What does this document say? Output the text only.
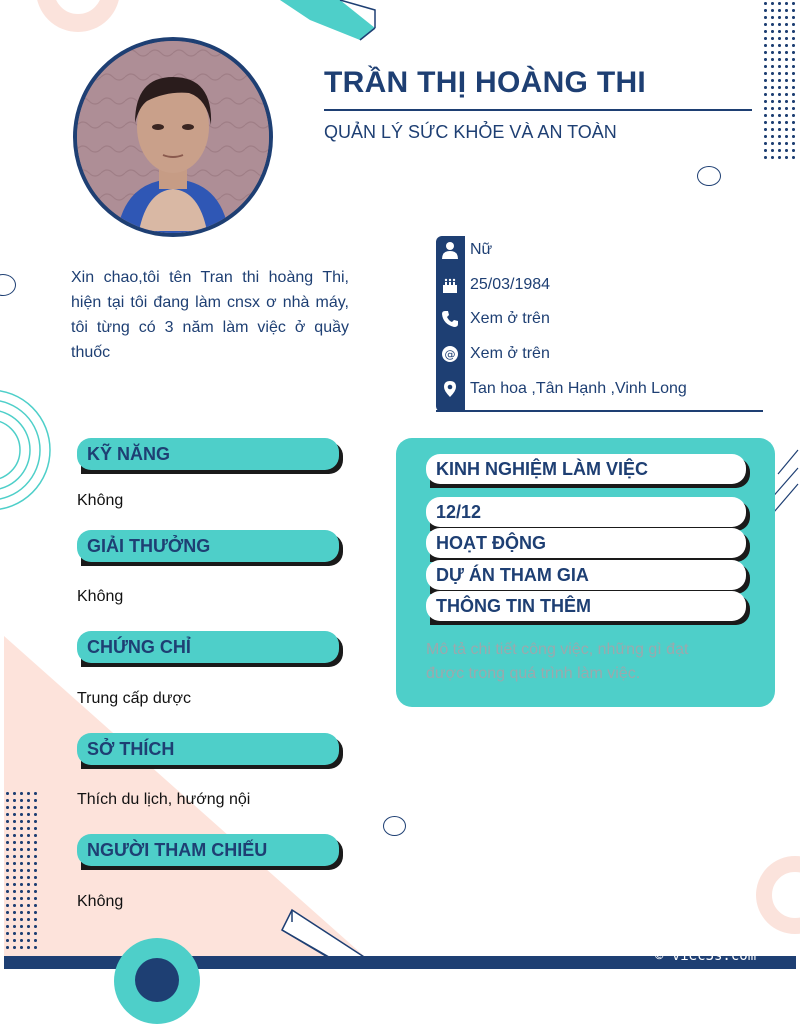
© viec3s.com
TRẦN THỊ HOÀNG THI
QUẢN LÝ SỨC KHỎE VÀ AN TOÀN
Xin chao,tôi tên Tran thi hoàng Thi, hiện tại tôi đang làm cnsx ơ nhà máy, tôi từng có 3 năm làm việc ở quầy thuốc
Nữ
25/03/1984
Xem ở trên
@ Xem ở trên
Tan hoa ,Tân Hạnh ,Vinh Long
KỸ NĂNG
Không
GIẢI THƯỞNG
Không
CHỨNG CHỈ
Trung cấp dược
SỞ THÍCH
Thích du lịch, hướng nội
NGƯỜI THAM CHIẾU
Không
KINH NGHIỆM LÀM VIỆC
12/12
HOẠT ĐỘNG
DỰ ÁN THAM GIA
THÔNG TIN THÊM
Mô tả chi tiết công việc, những gì đạt được trong quá trình làm việc.
